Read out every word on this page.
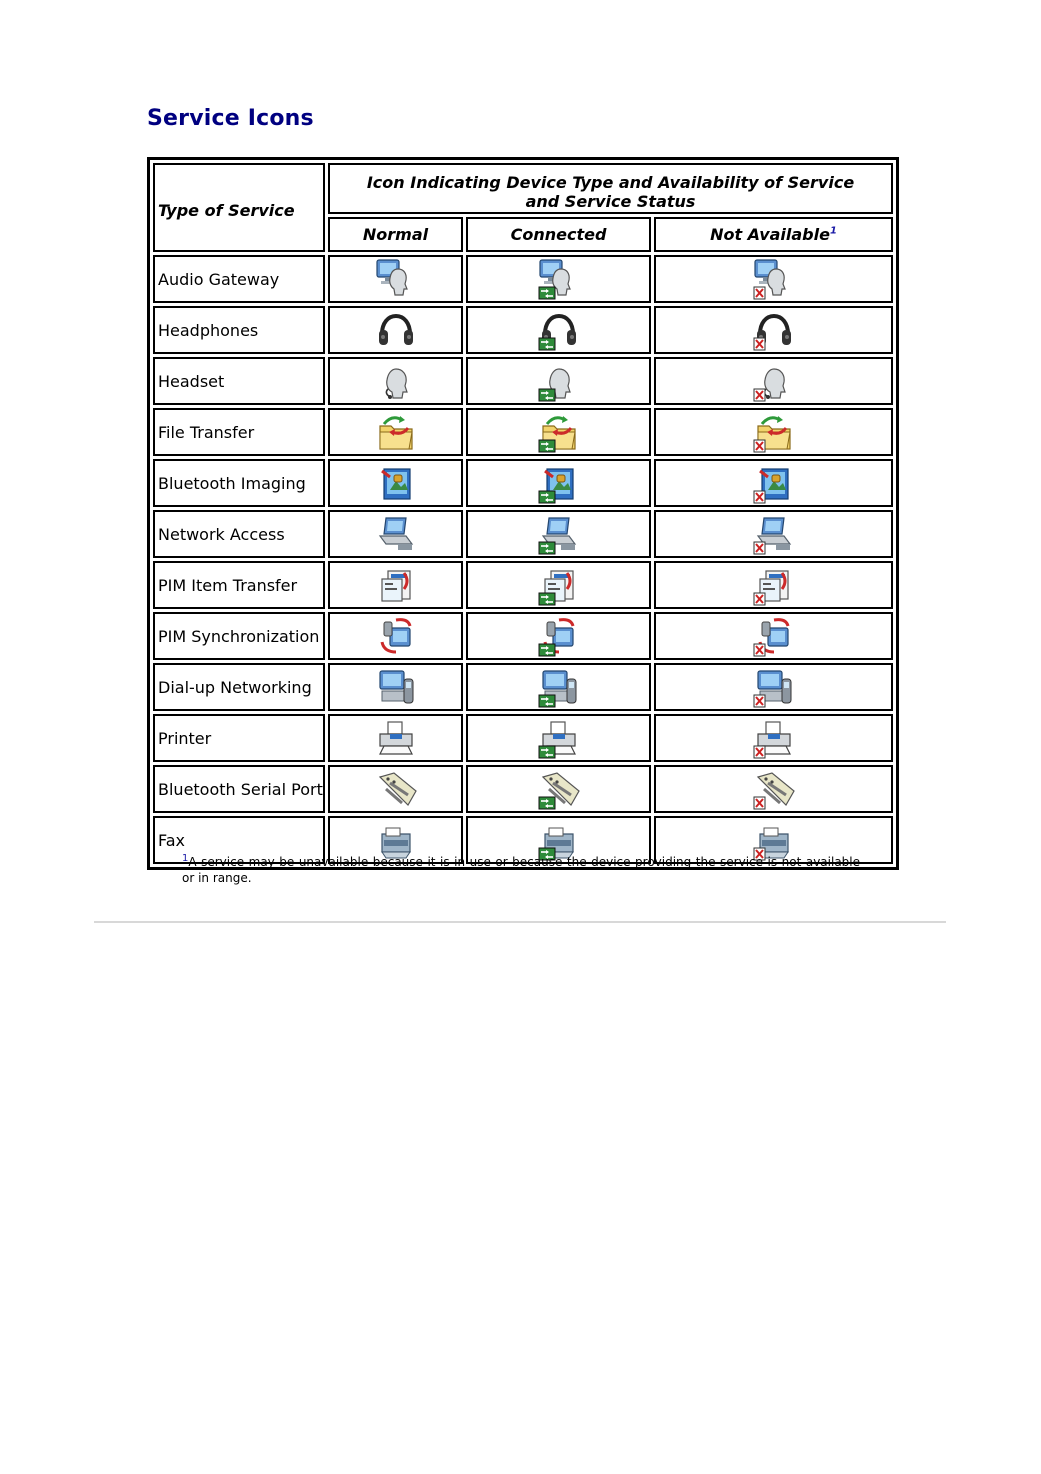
Service Icons
Type of Service	Icon Indicating Device Type and Availability of Service and Service Status		
	Normal	Connected	Not Available$^1$
Audio Gateway			
Headphones			
Headset			
File Transfer			
Bluetooth Imaging			
Network Access			
PIM Item Transfer			
PIM Synchronization			
Dial-up Networking			
Printer			
Bluetooth Serial Port			
Fax			

$^1$A service may be unavailable because it is in use or because the device providing the service is not available or in range.
